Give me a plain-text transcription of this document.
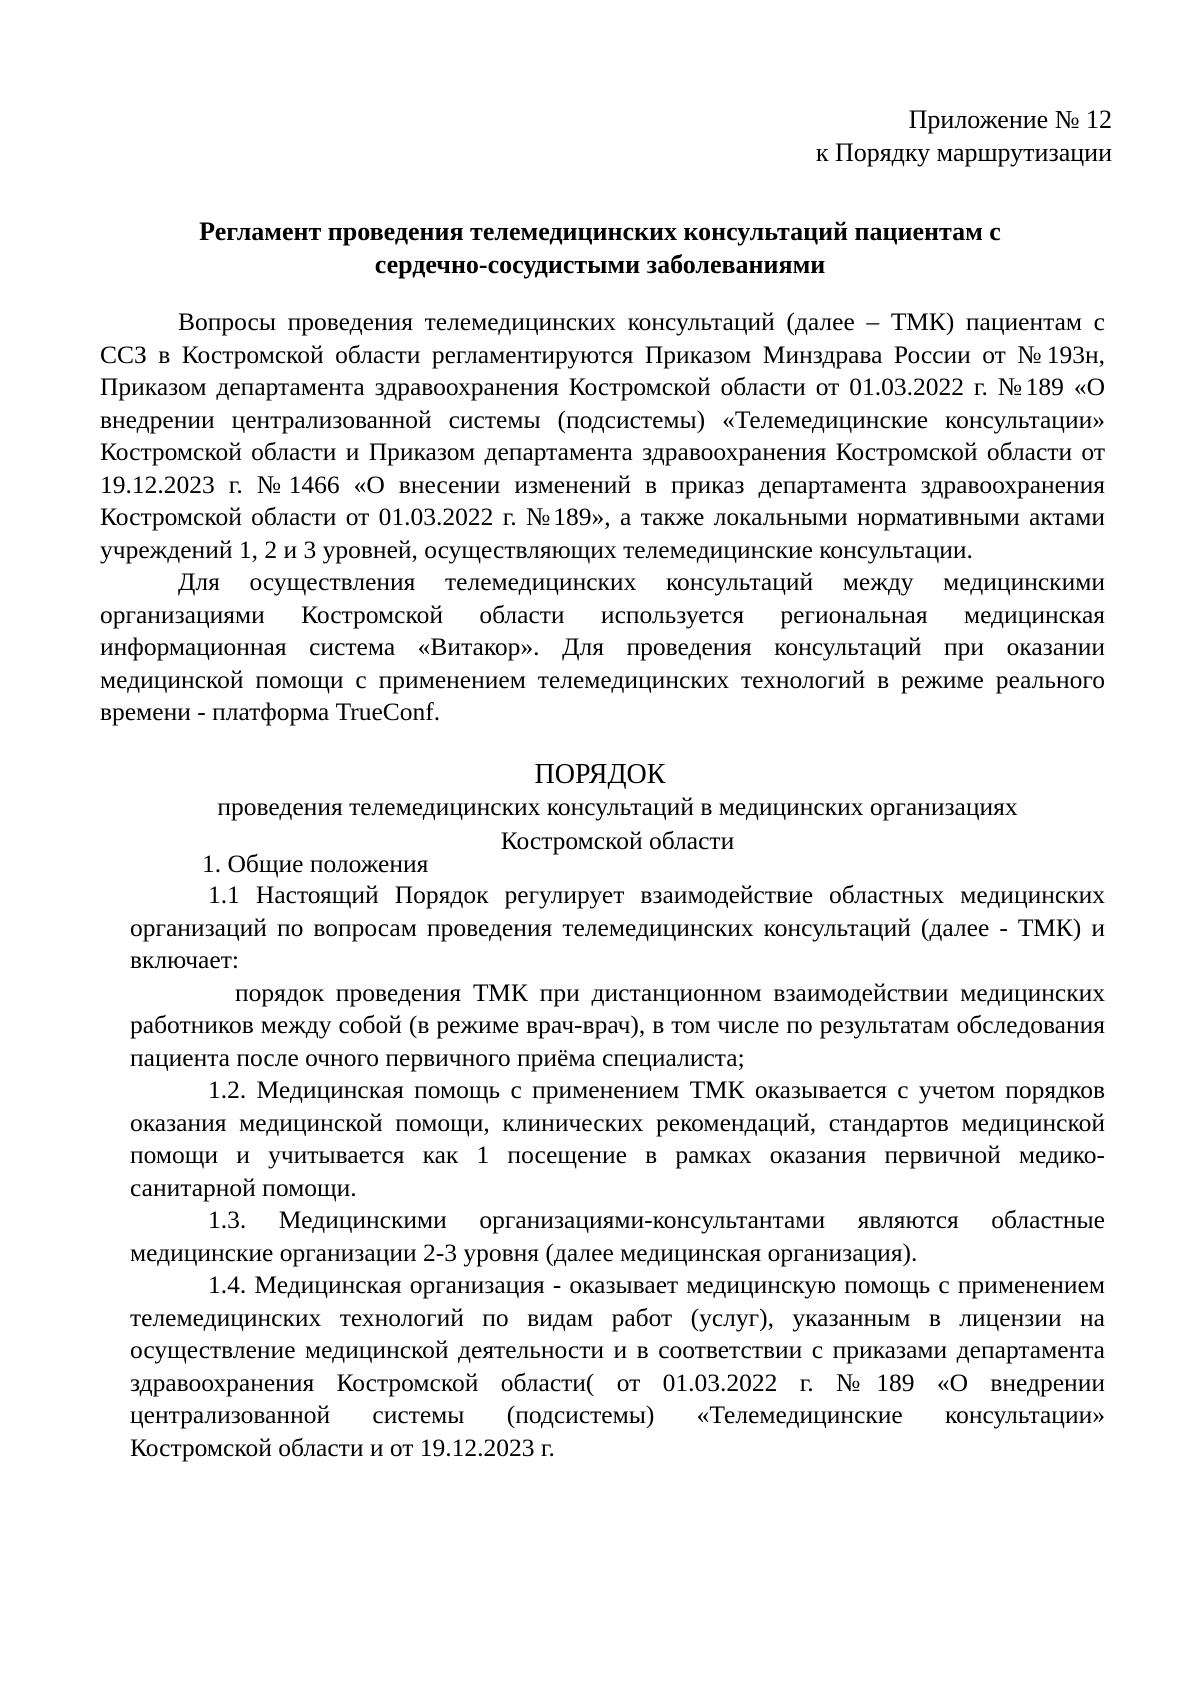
Приложение № 12
к Порядку маршрутизации
Регламент проведения телемедицинских консультаций пациентам с
сердечно-сосудистыми заболеваниями

Вопросы проведения телемедицинских консультаций (далее – ТМК) пациентам с ССЗ в Костромской области регламентируются Приказом Минздрава России от №193н, Приказом департамента здравоохранения Костромской области от 01.03.2022 г. №189 «О внедрении централизованной системы (подсистемы) «Телемедицинские консультации» Костромской области и Приказом департамента здравоохранения Костромской области от 19.12.2023 г. №1466 «О внесении изменений в приказ департамента здравоохранения Костромской области от 01.03.2022 г. №189», а также локальными нормативными актами учреждений 1, 2 и 3 уровней, осуществляющих телемедицинские консультации.

Для осуществления телемедицинских консультаций между медицинскими организациями Костромской области используется региональная медицинская информационная система «Витакор». Для проведения консультаций при оказании медицинской помощи с применением телемедицинских технологий в режиме реального времени - платформа TrueConf.

ПОРЯДОК
проведения телемедицинских консультаций в медицинских организациях
Костромской области
1. Общие положения

1.1 Настоящий Порядок регулирует взаимодействие областных медицинских организаций по вопросам проведения телемедицинских консультаций (далее - ТМК) и включает:

порядок проведения ТМК при дистанционном взаимодействии медицинских работников между собой (в режиме врач-врач), в том числе по результатам обследования пациента после очного первичного приёма специалиста;

1.2. Медицинская помощь с применением ТМК оказывается с учетом порядков оказания медицинской помощи, клинических рекомендаций, стандартов медицинской помощи и учитывается как 1 посещение в рамках оказания первичной медико-санитарной помощи.

1.3. Медицинскими организациями-консультантами являются областные медицинские организации 2-3 уровня (далее медицинская организация).

1.4. Медицинская организация - оказывает медицинскую помощь с применением телемедицинских технологий по видам работ (услуг), указанным в лицензии на осуществление медицинской деятельности и в соответствии с приказами департамента здравоохранения Костромской области( от 01.03.2022 г. №189 «О внедрении централизованной системы (подсистемы) «Телемедицинские консультации» Костромской области и от 19.12.2023 г.
